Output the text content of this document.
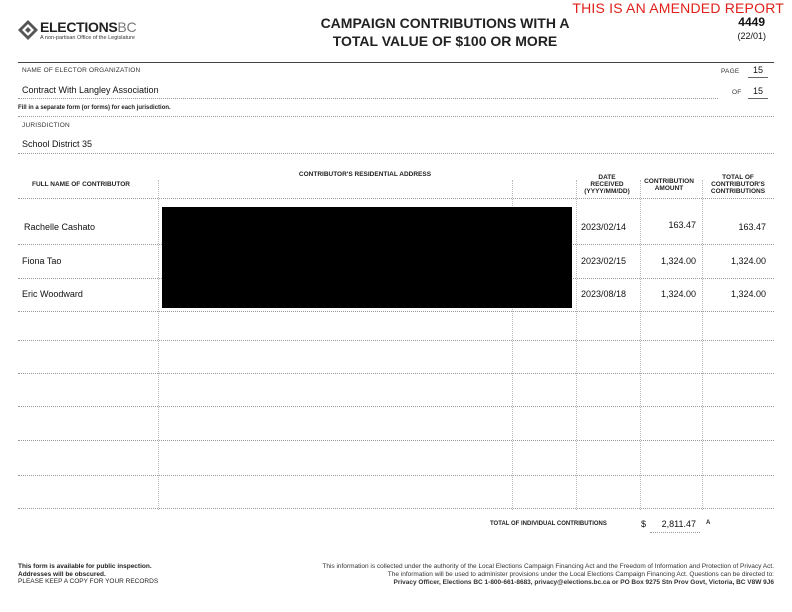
THIS IS AN AMENDED REPORT
ELECTIONSBC
A non-partisan Office of the Legislature
CAMPAIGN CONTRIBUTIONS WITH A
TOTAL VALUE OF $100 OR MORE
4449
(22/01)
NAME OF ELECTOR ORGANIZATION
Contract With Langley Association
PAGE	15
OF	15
Fill in a separate form (or forms) for each jurisdiction.
JURISDICTION
School District 35
FULL NAME OF CONTRIBUTOR
CONTRIBUTOR'S RESIDENTIAL ADDRESS	DATE
RECEIVED
(YYYY/MM/DD)
CONTRIBUTION
AMOUNT
TOTAL OF
CONTRIBUTOR'S
CONTRIBUTIONS
Rachelle Cashato	2023/02/14	163.47	163.47
Fiona Tao	2023/02/15	1,324.00	1,324.00
Eric Woodward	2023/08/18	1,324.00	1,324.00
TOTAL OF INDIVIDUAL CONTRIBUTIONS	$	2,811.47 A
This form is available for public inspection.
Addresses will be obscured.
PLEASE KEEP A COPY FOR YOUR RECORDS
This information is collected under the authority of the Local Elections Campaign Financing Act and the Freedom of Information and Protection of Privacy Act.
The information will be used to administer provisions under the Local Elections Campaign Financing Act. Questions can be directed to:
Privacy Officer, Elections BC 1-800-661-8683, privacy@elections.bc.ca or PO Box 9275 Stn Prov Govt, Victoria, BC V8W 9J6
